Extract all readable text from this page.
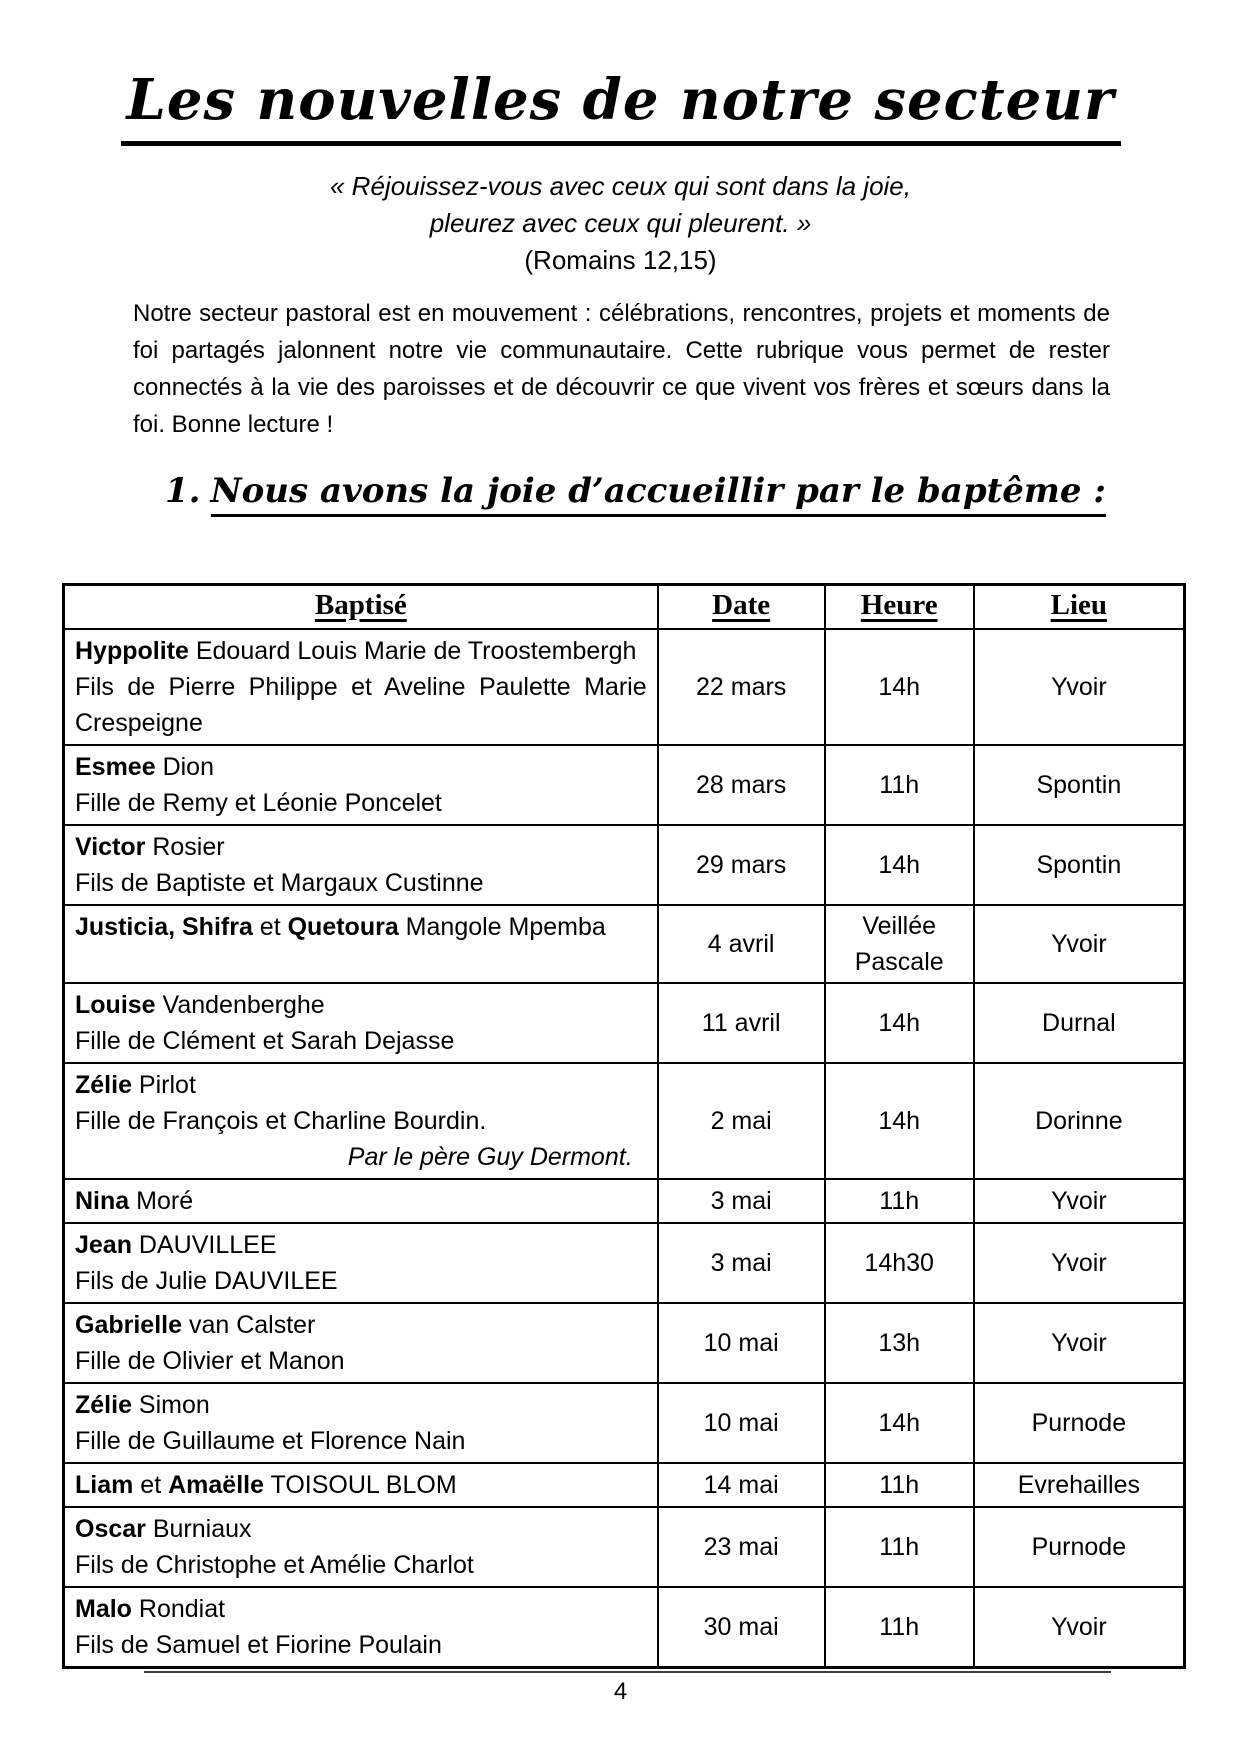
Les nouvelles de notre secteur
« Réjouissez-vous avec ceux qui sont dans la joie,
pleurez avec ceux qui pleurent. »
(Romains 12,15)

Notre secteur pastoral est en mouvement : célébrations, rencontres, projets et moments de foi partagés jalonnent notre vie communautaire. Cette rubrique vous permet de rester connectés à la vie des paroisses et de découvrir ce que vivent vos frères et sœurs dans la foi. Bonne lecture !

1. Nous avons la joie d’accueillir par le baptême :
Baptisé	Date	Heure	Lieu

Hyppolite Edouard Louis Marie de Troostembergh

Fils de Pierre Philippe et Aveline Paulette Marie Crespeigne	22 mars	14h	Yvoir

Esmee Dion

Fille de Remy et Léonie Poncelet	28 mars	11h	Spontin

Victor Rosier

Fils de Baptiste et Margaux Custinne	29 mars	14h	Spontin

Justicia, Shifra et Quetoura Mangole Mpemba	4 avril	Veillée Pascale	Yvoir

Louise Vandenberghe

Fille de Clément et Sarah Dejasse	11 avril	14h	Durnal

Zélie Pirlot

Fille de François et Charline Bourdin.

Par le père Guy Dermont.	2 mai	14h	Dorinne

Nina Moré	3 mai	11h	Yvoir

Jean DAUVILLEE

Fils de Julie DAUVILEE	3 mai	14h30	Yvoir

Gabrielle van Calster

Fille de Olivier et Manon	10 mai	13h	Yvoir

Zélie Simon

Fille de Guillaume et Florence Nain	10 mai	14h	Purnode

Liam et Amaëlle TOISOUL BLOM	14 mai	11h	Evrehailles

Oscar Burniaux

Fils de Christophe et Amélie Charlot	23 mai	11h	Purnode

Malo Rondiat

Fils de Samuel et Fiorine Poulain	30 mai	11h	Yvoir
4
